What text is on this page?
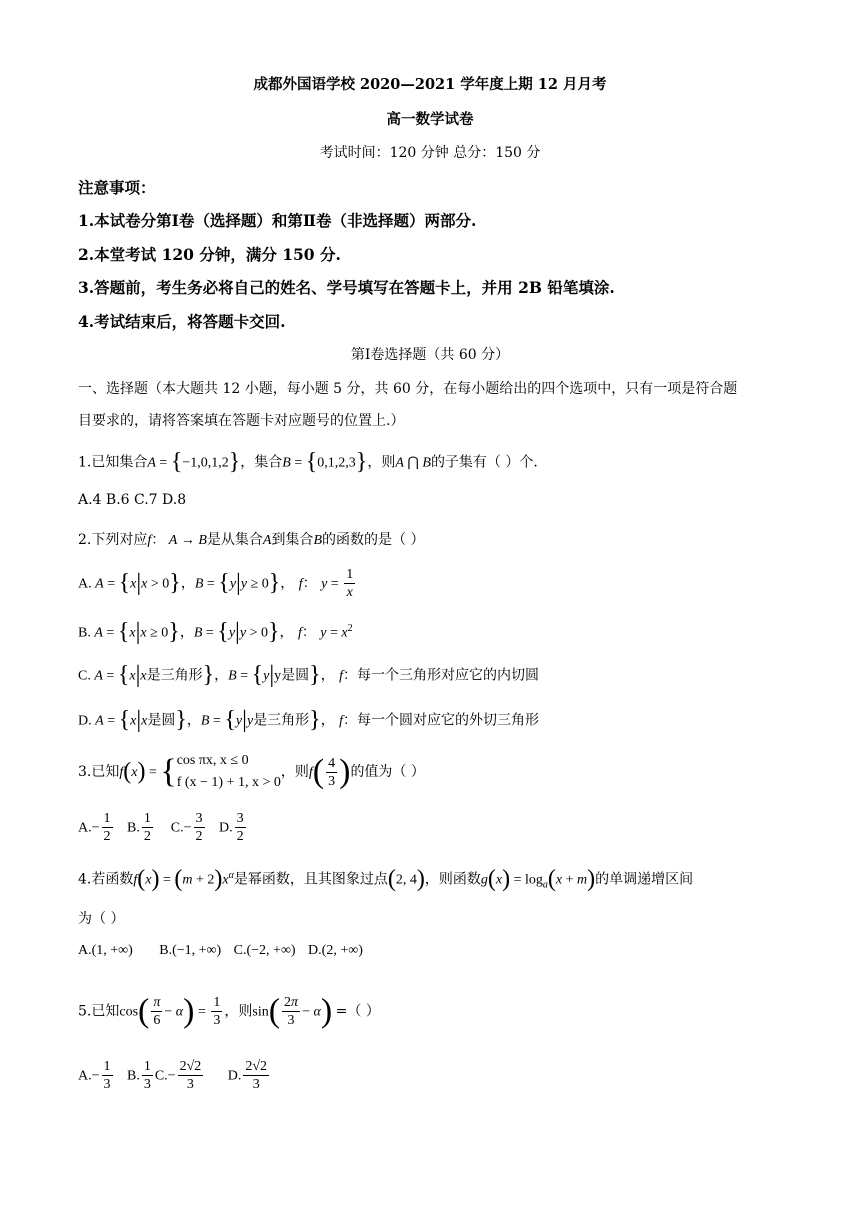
成都外国语学校 2020—2021 学年度上期 12 月月考
高一数学试卷
考试时间：120 分钟 总分：150 分
注意事项：
1.本试卷分第Ⅰ卷（选择题）和第Ⅱ卷（非选择题）两部分.
2.本堂考试 120 分钟，满分 150 分.
3.答题前，考生务必将自己的姓名、学号填写在答题卡上，并用 2B 铅笔填涂.
4.考试结束后，将答题卡交回.
第Ⅰ卷选择题（共 60 分）
一、选择题（本大题共 12 小题，每小题 5 分，共 60 分，在每小题给出的四个选项中，只有一项是符合题
目要求的，请将答案填在答题卡对应题号的位置上.）
1.已知集合A = {−1,0,1,2}，集合B = {0,1,2,3}，则A ⋂ B的子集有（ ）个.
A.4 B.6 C.7 D.8
2.下列对应f： A → B是从集合A到集合B的函数的是（ ）
A. A = {x|x > 0}，B = {y|y ≥ 0}， f： $y = \frac{1}{x}$
B. A = {x|x ≥ 0}，B = {y|y > 0}， f： $y = x^2$
C. A = {x|x是三角形}，B = {y|y是圆}， f：每一个三角形对应它的内切圆
D. A = {x|x是圆}，B = {y|y是三角形}， f：每一个圆对应它的外切三角形
3.已知f(x) = { cos πx, x ≤ 0
f (x − 1) + 1, x > 0
，则$f( \frac{4}{3}$ )的值为（ ）
$A.- \frac{1}{2} B$. $\frac{1}{2} C.- \frac{3}{2} D$. $\frac{3}{2}$
4.若函数$f(x) = (m + 2)x^\alpha$是幂函数，且其图象过点(2, 4)，则函数$g(x) = \log_a(x + m)$的单调递增区间
为（ ）
A.(1, +∞) B.(−1, +∞) C.(−2, +∞) D.(2, +∞)
5.已知$\cos( \frac{\pi}{6} - \alpha) = \frac{1}{3}$ ，则$\sin( \frac{2\pi}{3} - \alpha)$ =（ ）
$A.- \frac{1}{3} B$. $\frac{1}{3} C.- \frac{2√2}{3} D$. $\frac{2√2}{3}$
